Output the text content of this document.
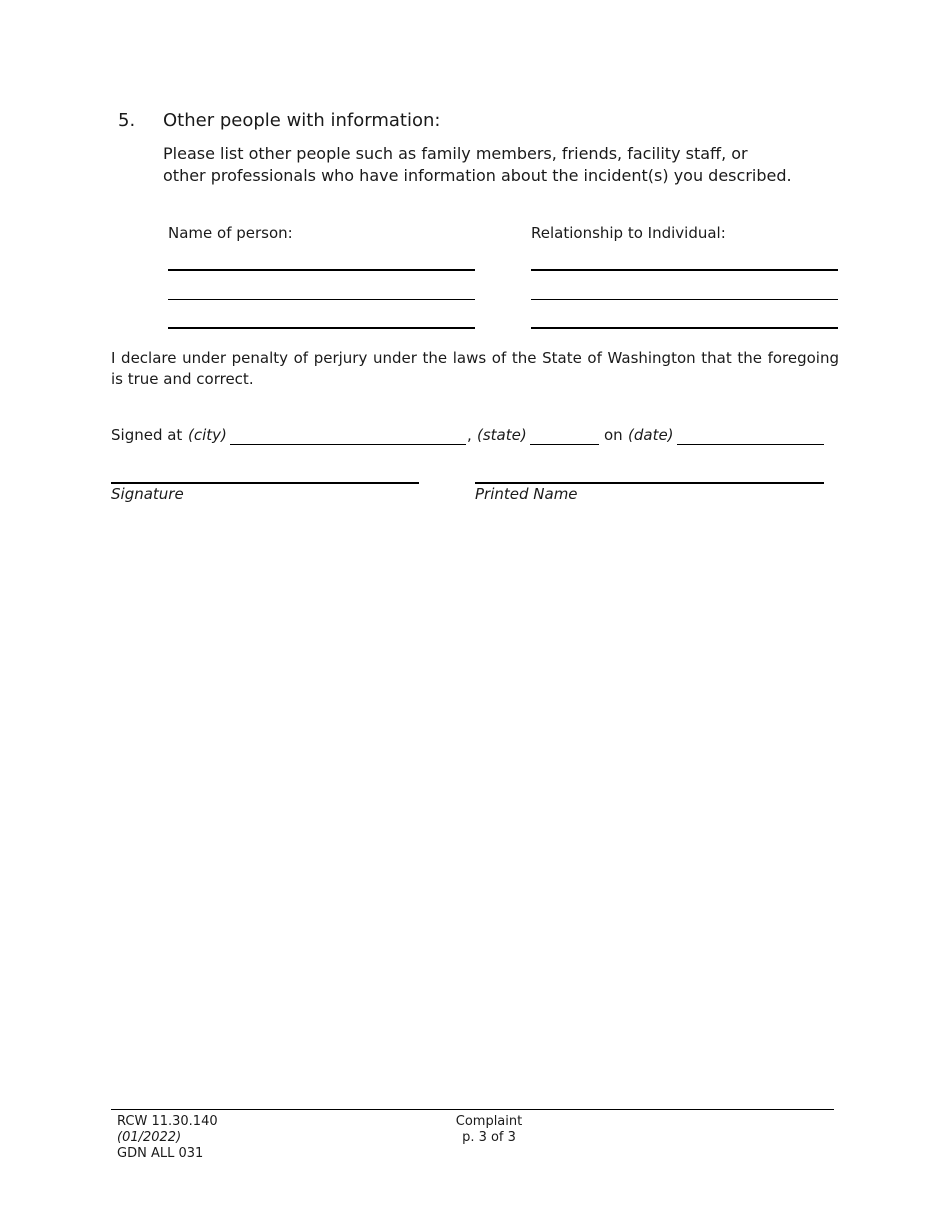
5. Other people with information:
Please list other people such as family members, friends, facility staff, or
other professionals who have information about the incident(s) you described.
Name of person:	Relationship to Individual:
I declare under penalty of perjury under the laws of the State of Washington that the foregoing is true and correct.
Signed at (city)	, (state)	on (date)
Signature	Printed Name
RCW 11.30.140
(01/2022)
GDN ALL 031
Complaint
p. 3 of 3
